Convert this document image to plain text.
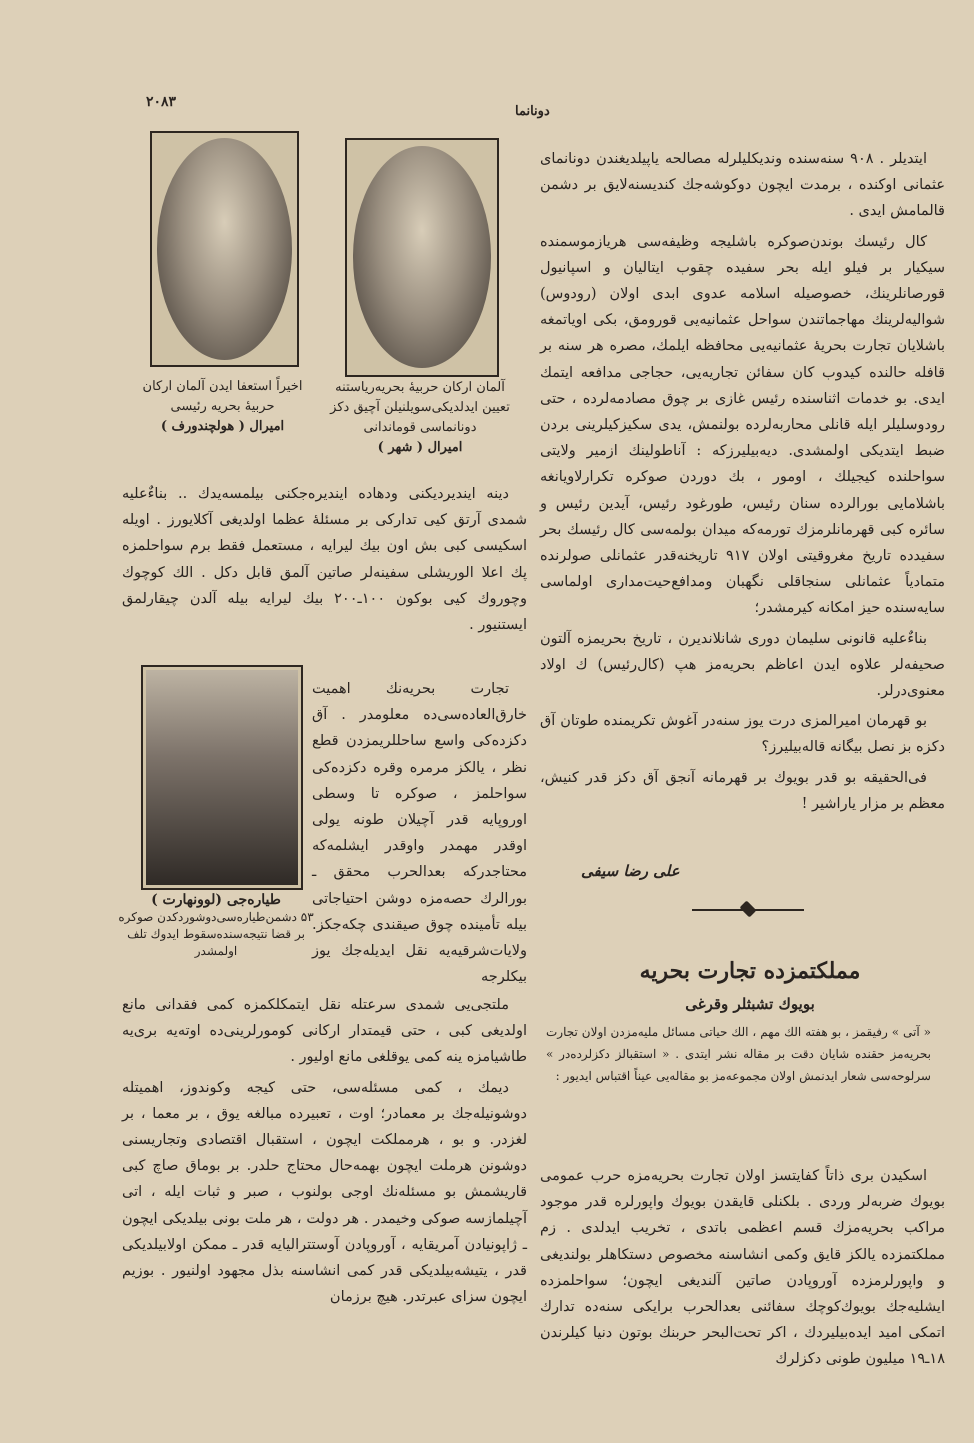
۲۰۸۳
دونانما

ایتدیلر . ۹۰۸ سنه‌سنده ونديكلیلرله مصالحه یاپیلدیغندن دونانمای عثمانی اوكنده ، برمدت ایچون دوكوشه‌جك كندیسنه‌لایق بر دشمن قالمامش ایدی .

كال رئيسك بوندن‌صوكره باشلیجه وظیفه‌سی هریازموسمنده سیكیار بر فیلو ایله بحر سفیده چقوب ایتالیان و اسپانیول قورصانلرینك، خصوصیله اسلامه عدوی ابدی اولان (رودوس) شوالیه‌لرینك مهاجماتندن سواحل عثمانیه‌یی قورومق، بكی اویاتمغه باشلایان تجارت بحریهٔ عثمانیه‌یی محافظه ایلمك، مصره هر سنه بر قافله حالنده كیدوب كان سفائن تجاریه‌یی، حجاجی مدافعه ایتمك ایدی. بو خدمات اثناسنده رئیس غازی بر چوق مصادمه‌لرده ، حتی رودوسلیلر ایله قانلی محاربه‌لرده بولنمش، یدی سكیزكیلرینی بردن ضبط ایتدیكی اولمشدی. دیه‌بیلیرزكه : آناطولینك ازمیر ولایتی سواحلنده كیجیلك ، اومور ، بك دوردن صوكره تكرارلاویانغه باشلامایی بورالرده سنان رئیس، طورغود رئیس، آیدین رئیس و سائره كبی قهرمانلرمزك تورمه‌كه میدان بولمه‌سی كال رئيسك بحر سفیدده تاریخ مغروقیتی اولان ۹۱۷ تاریخنه‌قدر عثمانلی صولرنده متمادیاً عثمانلی سنجاقلی نگهبان ومدافع‌حیت‌مداری اولماسی سایه‌سنده حیز امكانه كیرمشدر؛

بناءٌعلیه قانونی سلیمان دوری شانلاندیرن ، تاریخ بحریمزه آلتون صحیفه‌لر علاوه ایدن اعاظم بحریه‌مز هپ (كال‌رئیس) ك اولاد معنوی‌درلر.

بو قهرمان امیرالمزی درت یوز سنه‌در آغوش تكریمنده طوتان آق دكزه بز نصل بیگانه قاله‌بیلیرز؟

فی‌الحقیقه بو قدر بویوك بر قهرمانه آنجق آق دكز قدر كنیش، معظم بر مزار یاراشیر !

علی رضا سیفی
مملكتمزده تجارت بحریه
بویوك تشبثلر وقرغی
« آتی » رفیقمز ، بو هفته الك مهم ، الك حیاتی مسائل ملیه‌مزدن اولان تجارت بحریه‌مز حقنده شایان دقت بر مقاله نشر ایتدی . « استقبالز دكزلرده‌در » سرلوحه‌سی شعار ایدنمش اولان مجموعه‌مز بو مقاله‌یی عیناً اقتباس ایدیور :

اسكیدن بری ذاتاً كفایتسز اولان تجارت بحریه‌مزه حرب عمومی بویوك ضربه‌لر وردی . بلكنلی قایقدن بویوك واپورلره قدر موجود مراكب بحریه‌مزك قسم اعظمی باتدی ، تخریب ایدلدی . زم مملكتمزده یالكز قایق وكمی انشاسنه مخصوص دستكاهلر بولندیغی و واپورلرمزده آوروپادن صاتین آلندیغی ایچون؛ سواحلمزده ایشلیه‌جك بویوك‌كوچك سفائنی بعدالحرب برایكی سنه‌ده تدارك اتمكی امید ایده‌بیلیردك ، اكر تحت‌البحر حربنك بوتون دنیا كیلرندن ۱۸ـ۱۹ میلیون طونی دكزلرك

آلمان اركان حربیهٔ بحریه‌ریاستنه تعیین ایدلدیكی‌سویلنیلن آچیق دكز دونانماسی قوماندانی
امیرال ( شهر )
اخیراً استعفا ایدن آلمان اركان حربیهٔ بحریه رئیسی
امیرال ( هولچندورف )
طیاره‌جی (لوونهارت )
۵۳ دشمن‌طیاره‌سی‌دوشوردكدن صوكره بر قضا نتیجه‌سنده‌سقوط ایدوك تلف اولمشدر

دینه ایندیردیكنی ودهاده ایندیره‌جكنی بیلمسه‌یدك .. بناءٌعلیه شمدی آرتق كیی تداركی بر مسئلهٔ عظما اولدیغی آكلایورز . اویله اسكیسی كبی بش اون بیك لیرایه ، مستعمل فقط برم سواحلمزه پك اعلا الوریشلی سفینه‌لر صاتین آلمق قابل دكل . الك كوچوك وچوروك كیی بوكون ۱۰۰ـ۲۰۰ بیك لیرایه بیله آلدن چیقارلمق ایستنیور .

تجارت بحریه‌نك اهمیت خارق‌العاده‌سی‌ده معلومدر . آق دكزده‌كی واسع ساحللریمزدن قطع نظر ، یالكز مرمره وقره دكزده‌كی سواحلمز ، صوكره تا وسطی اوروپایه قدر آچیلان طونه یولی اوقدر مهمدر واوقدر ایشلمه‌كه محتاجدركه بعدالحرب محقق ـ بورالرك حصه‌مزه دوشن احتیاجاتی بیله تأمینده چوق صیقندی چكه‌جكز. ولایات‌شرقیه‌یه نقل ایدیله‌جك یوز بیكلرجه

ملتجی‌یی شمدی سرعتله نقل ایتمكلكمزه كمی فقدانی مانع اولدیغی كبی ، حتی قیمتدار اركانی كومورلرینی‌ده اوته‌یه بری‌یه طاشیامزه ینه كمی یوقلغی مانع اولیور .

دیمك ، كمی مسئله‌سی، حتی كیجه وكوندوز، اهمیتله دوشونیله‌جك بر معمادر؛ اوت ، تعبیرده مبالغه یوق ، بر معما ، بر لغزدر. و بو ، هرمملكت ایچون ، استقبال اقتصادی وتجاریسنی دوشونن هرملت ایچون بهمه‌حال محتاج حلدر. بر بوماق صاچ كبی قاریشمش بو مسئله‌نك اوجی بولنوب ، صبر و ثبات ایله ، اتی آچیلمازسه صوكی وخیمدر . هر دولت ، هر ملت بونی بیلدیكی ایچون ـ ژاپونیادن آمریقایه ، آوروپادن آوستترالیایه قدر ـ ممكن اولابیلدیكی قدر ، یتیشه‌بیلدیكی قدر كمی انشاسنه بذل مجهود اولنیور . بوزیم ایچون سزای عبرتدر. هیچ برزمان
